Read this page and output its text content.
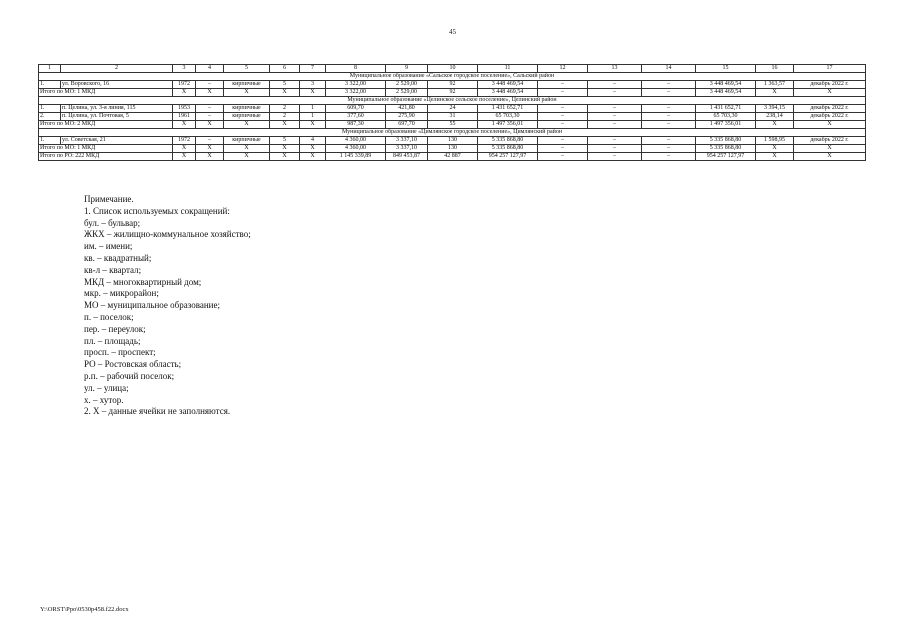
45
1	2	3	4	5	6	7	8	9	10	11	12	13	14	15	16	17
Муниципальное образование «Сальское городское поселение», Сальский район																
1.	ул. Воровского, 16	1972	–	кирпичные	5	3	3 322,00	2 529,00	92	3 448 469,54	–	–	–	3 448 469,54	1 363,57	декабрь 2022 г.
Итого по МО: 1 МКД		X	X	X	X	X	3 322,00	2 529,00	92	3 448 469,54	–	–	–	3 448 469,54	X	X
Муниципальное образование «Целинское сельское поселение», Целинский район																
1.	п. Целина, ул. 3-я линия, 115	1953	–	кирпичные	2	1	609,70	421,80	24	1 431 652,71	–	–	–	1 431 652,71	3 394,15	декабрь 2022 г.
2.	п. Целина, ул. Почтовая, 5	1961	–	кирпичные	2	1	377,60	275,90	31	65 703,30	–	–	–	65 703,30	238,14	декабрь 2022 г.
Итого по МО: 2 МКД		X	X	X	X	X	987,30	697,70	55	1 497 356,01	–	–	–	1 497 356,01	X	X
Муниципальное образование «Цимлянское городское поселение», Цимлянский район																
1.	ул. Советская, 21	1972	–	кирпичные	5	4	4 360,00	3 337,10	130	5 335 868,80	–	–	–	5 335 868,80	1 598,95	декабрь 2022 г.
Итого по МО: 1 МКД		X	X	X	X	X	4 360,00	3 337,10	130	5 335 868,80	–	–	–	5 335 868,80	X	X
Итого по РО: 222 МКД		X	X	X	X	X	1 145 339,89	849 453,87	42 887	954 257 127,97	–	–	–	954 257 127,97	X	X
Примечание.
1. Список используемых сокращений:
бул. – бульвар;
ЖКХ – жилищно-коммунальное хозяйство;
им. – имени;
кв. – квадратный;
кв-л – квартал;
МКД – многоквартирный дом;
мкр. – микрорайон;
МО – муниципальное образование;
п. – поселок;
пер. – переулок;
пл. – площадь;
просп. – проспект;
РО – Ростовская область;
р.п. – рабочий поселок;
ул. – улица;
х. – хутор.
2. X – данные ячейки не заполняются.
Y:\ORST\Ppo\0530p458.f22.docx
